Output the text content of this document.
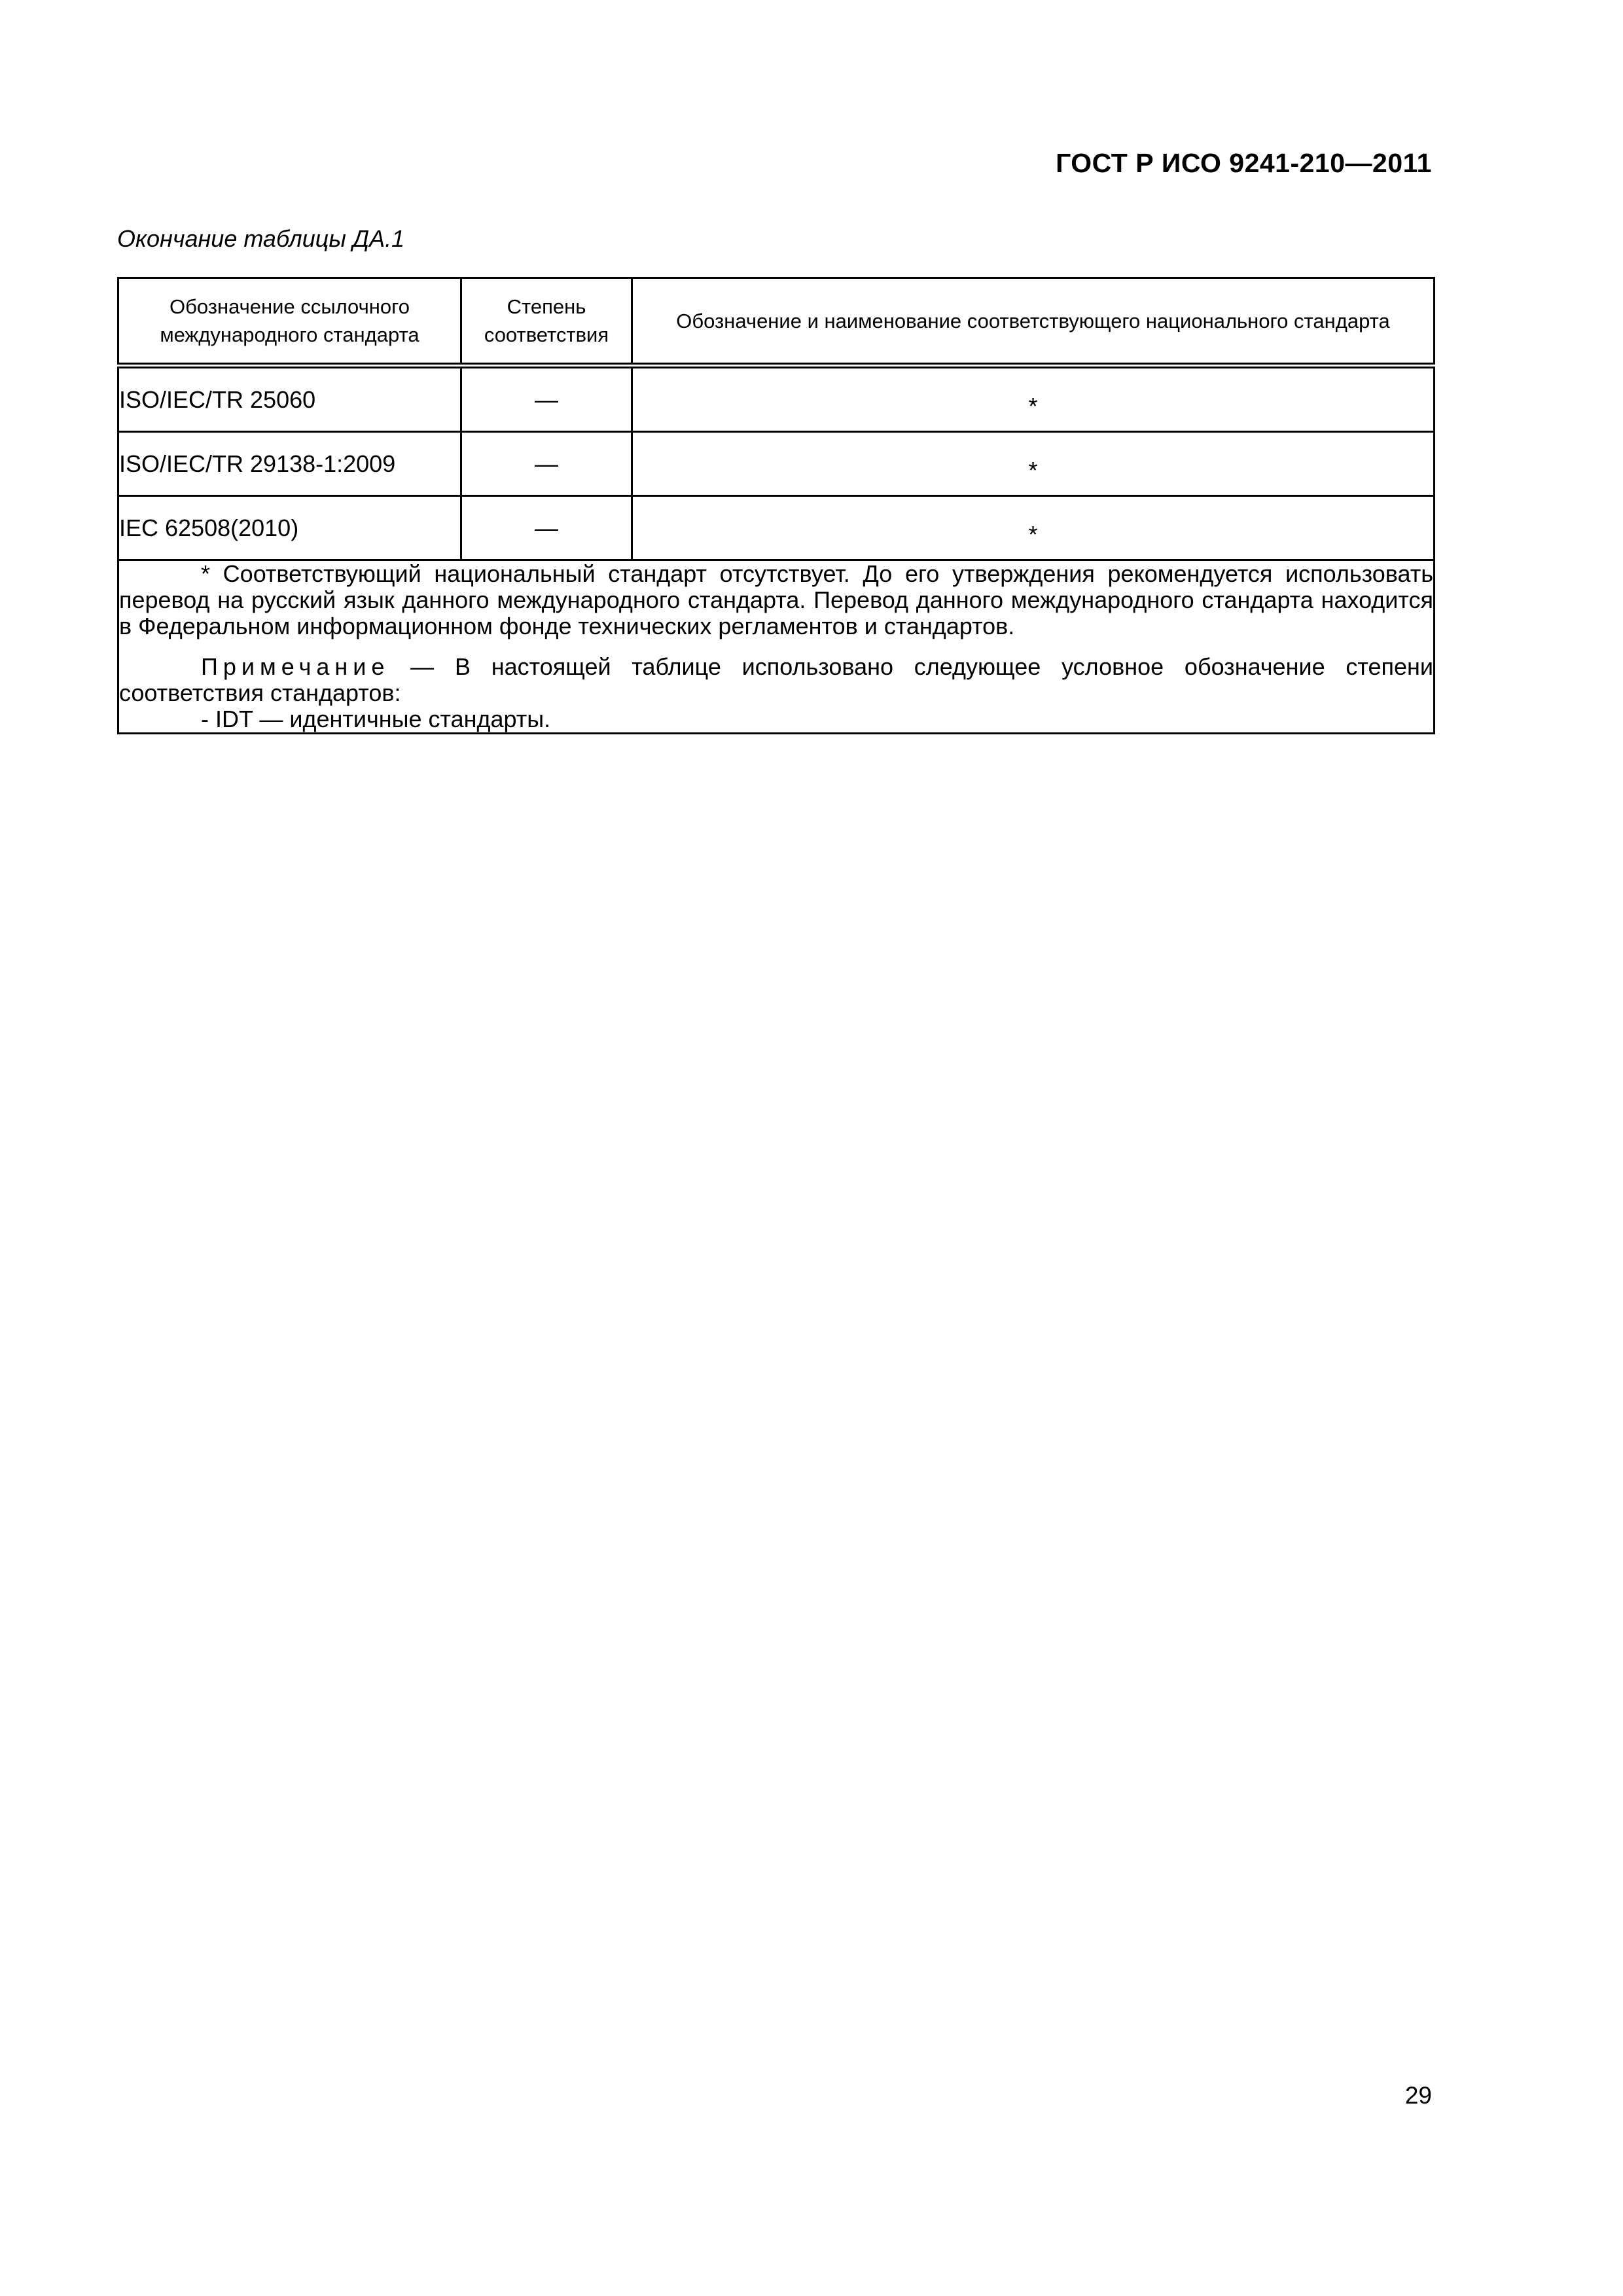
ГОСТ Р ИСО 9241-210—2011
Окончание таблицы ДА.1
Обозначение ссылочного международного стандарта	Степень соответствия	Обозначение и наименование соответствующего национального стандарта
ISO/IEC/TR 25060	—	*
ISO/IEC/TR 29138-1:2009	—	*
IEC 62508(2010)	—	*

* Соответствующий национальный стандарт отсутствует. До его утверждения рекомендуется использовать перевод на русский язык данного международного стандарта. Перевод данного международного стандарта находится в Федеральном информационном фонде технических регламентов и стандартов.

Примечание — В настоящей таблице использовано следующее условное обозначение степени соответствия стандартов:

- IDT — идентичные стандарты.		

29
